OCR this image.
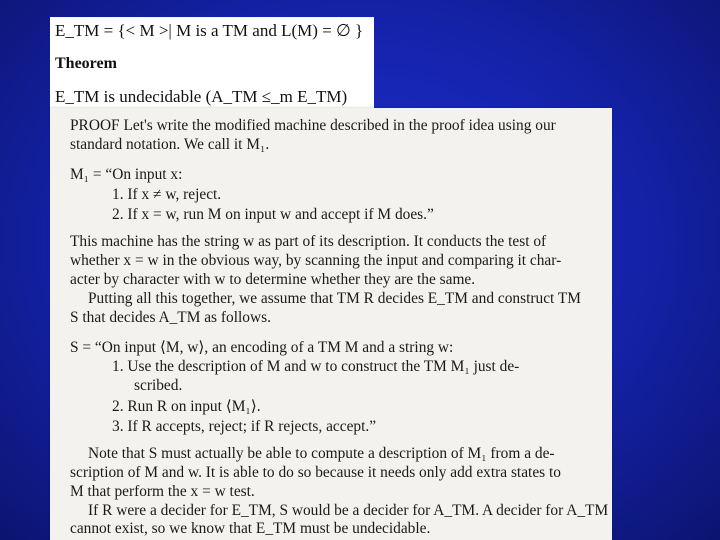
E_TM = {< M >| M is a TM and L(M) = ∅ }
Theorem
E_TM is undecidable (A_TM ≤_m E_TM)
PROOF Let's write the modified machine described in the proof idea using our
standard notation. We call it M₁.
M₁ = “On input x:
1. If x ≠ w, reject.
2. If x = w, run M on input w and accept if M does.”
This machine has the string w as part of its description. It conducts the test of
whether x = w in the obvious way, by scanning the input and comparing it char-
acter by character with w to determine whether they are the same.
Putting all this together, we assume that TM R decides E_TM and construct TM
S that decides A_TM as follows.
S = “On input ⟨M, w⟩, an encoding of a TM M and a string w:
1. Use the description of M and w to construct the TM M₁ just de-
scribed.
2. Run R on input ⟨M₁⟩.
3. If R accepts, reject; if R rejects, accept.”
Note that S must actually be able to compute a description of M₁ from a de-
scription of M and w. It is able to do so because it needs only add extra states to
M that perform the x = w test.
If R were a decider for E_TM, S would be a decider for A_TM. A decider for A_TM
cannot exist, so we know that E_TM must be undecidable.
